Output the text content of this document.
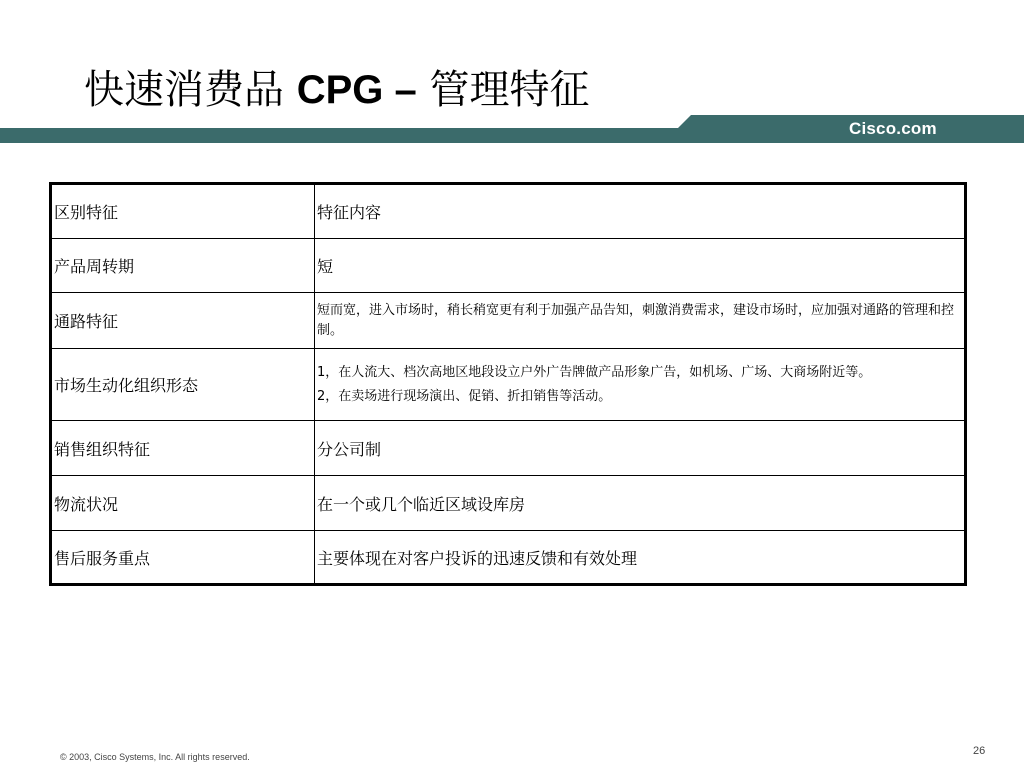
快速消费品 CPG – 管理特征
Cisco.com
区别特征	特征内容
产品周转期	短
通路特征	短而宽，进入市场时，稍长稍宽更有利于加强产品告知，刺激消费需求，建设市场时，应加强对通路的管理和控制。
市场生动化组织形态	1，在人流大、档次高地区地段设立户外广告牌做产品形象广告，如机场、广场、大商场附近等。

2，在卖场进行现场演出、促销、折扣销售等活动。

销售组织特征	分公司制
物流状况	在一个或几个临近区域设库房
售后服务重点	主要体现在对客户投诉的迅速反馈和有效处理
© 2003, Cisco Systems, Inc. All rights reserved.	26
